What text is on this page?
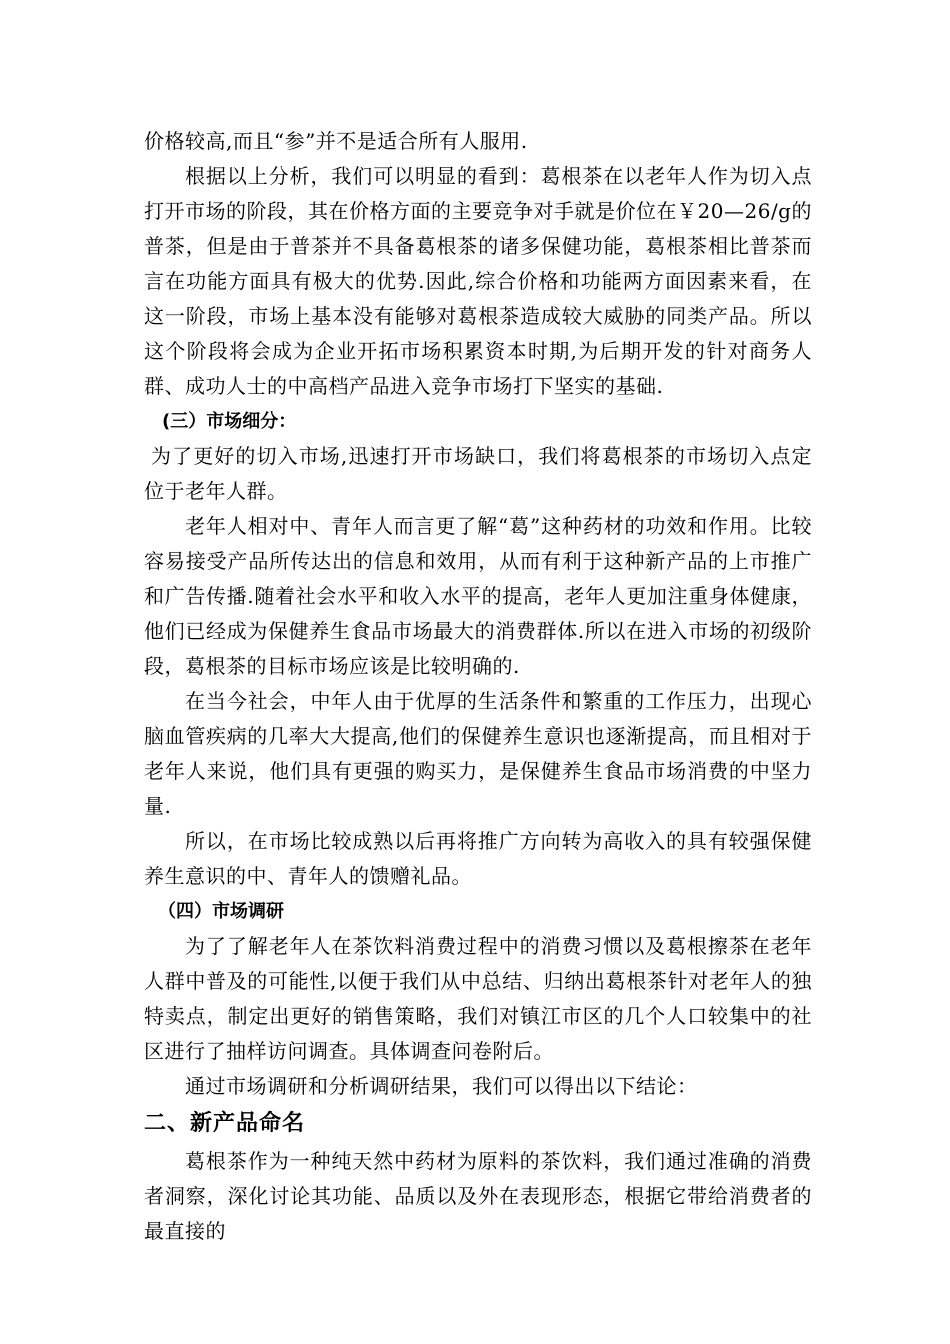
价格较高,而且“参”并不是适合所有人服用.

根据以上分析，我们可以明显的看到：葛根茶在以老年人作为切入点打开市场的阶段，其在价格方面的主要竞争对手就是价位在￥20—26/g的普茶，但是由于普茶并不具备葛根茶的诸多保健功能，葛根茶相比普茶而言在功能方面具有极大的优势.因此,综合价格和功能两方面因素来看，在这一阶段，市场上基本没有能够对葛根茶造成较大威胁的同类产品。所以这个阶段将会成为企业开拓市场积累资本时期,为后期开发的针对商务人群、成功人士的中高档产品进入竞争市场打下坚实的基础.

(三）市场细分：

为了更好的切入市场,迅速打开市场缺口，我们将葛根茶的市场切入点定位于老年人群。

老年人相对中、青年人而言更了解“葛”这种药材的功效和作用。比较容易接受产品所传达出的信息和效用，从而有利于这种新产品的上市推广和广告传播.随着社会水平和收入水平的提高，老年人更加注重身体健康，他们已经成为保健养生食品市场最大的消费群体.所以在进入市场的初级阶段，葛根茶的目标市场应该是比较明确的.

在当今社会，中年人由于优厚的生活条件和繁重的工作压力，出现心脑血管疾病的几率大大提高,他们的保健养生意识也逐渐提高，而且相对于老年人来说，他们具有更强的购买力，是保健养生食品市场消费的中坚力量.

所以，在市场比较成熟以后再将推广方向转为高收入的具有较强保健养生意识的中、青年人的馈赠礼品。

（四）市场调研

为了了解老年人在茶饮料消费过程中的消费习惯以及葛根擦茶在老年人群中普及的可能性,以便于我们从中总结、归纳出葛根茶针对老年人的独特卖点，制定出更好的销售策略，我们对镇江市区的几个人口较集中的社区进行了抽样访问调查。具体调查问卷附后。

通过市场调研和分析调研结果，我们可以得出以下结论：

二、新产品命名

葛根茶作为一种纯天然中药材为原料的茶饮料，我们通过准确的消费者洞察，深化讨论其功能、品质以及外在表现形态，根据它带给消费者的最直接的
